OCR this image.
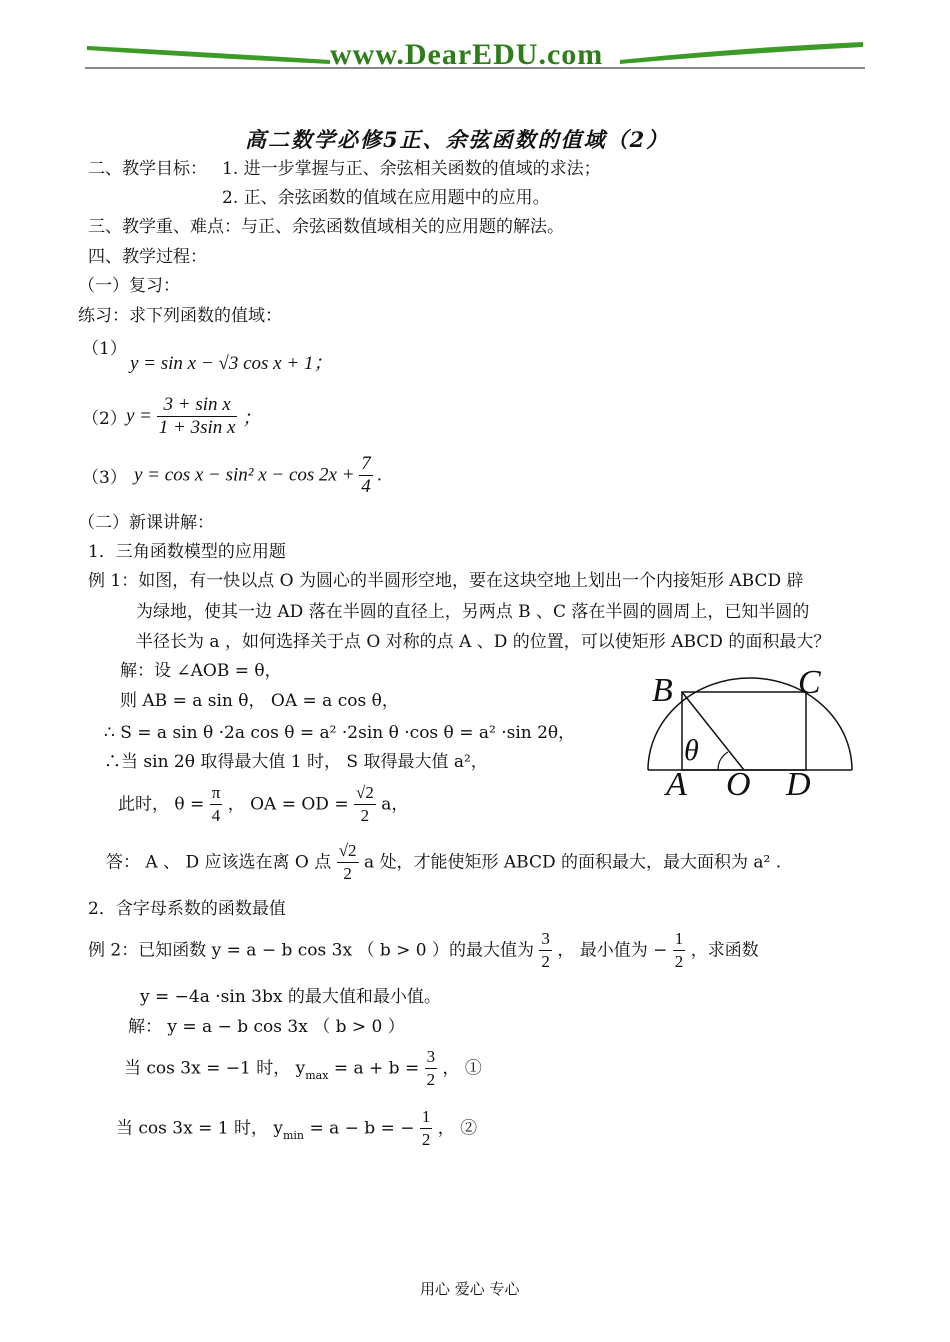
www.DearEDU.com
高二数学必修5正、余弦函数的值域（2）
二、教学目标： 1. 进一步掌握与正、余弦相关函数的值域的求法；
2. 正、余弦函数的值域在应用题中的应用。
三、教学重、难点：与正、余弦函数值域相关的应用题的解法。
四、教学过程：
（一）复习：
练习：求下列函数的值域：
（1）
y = sin x − √3 cos x + 1；
（2） $y = \frac{\text{3 + sin x}}{\text{1 + 3sin x}}$ ；
（3） y = cos x − sin² $x - \cos 2x + \frac{7}{4}$ .
（二）新课讲解：
1．三角函数模型的应用题
例 1：如图，有一快以点 O 为圆心的半圆形空地，要在这块空地上划出一个内接矩形 ABCD 辟
为绿地，使其一边 AD 落在半圆的直径上，另两点 B 、C 落在半圆的圆周上，已知半圆的
半径长为 a ，如何选择关于点 O 对称的点 A 、D 的位置，可以使矩形 ABCD 的面积最大？
解：设 ∠AOB = θ，
则 AB = a sin θ， OA = a cos θ，
∴ S = a sin θ ·2a cos θ = a² ·2sin θ ·cos θ = a² ·sin 2θ，
∴当 sin 2θ 取得最大值 1 时， S 取得最大值 a²，
此时， $\theta = \frac{\pi}{4}$ ， OA = OD = $\frac{√2}{2}$ a，
答： A 、 D 应该选在离 O 点 $\frac{√2}{2}$ a 处，才能使矩形 ABCD 的面积最大，最大面积为 a² .
B	C
θ
A O D
2．含字母系数的函数最值
例 2：已知函数 y = a − b cos 3x （ b > 0 ）的最大值为 $\frac{3}{2}$ ， 最小值为 − $\frac{1}{2}$ ，求函数
y = −4a ·sin 3bx 的最大值和最小值。
解： y = a − b cos 3x （ b > 0 ）
当 cos 3x = −1 时， $y_{max} = a + b = \frac{3}{2}$ ， ①
当 cos 3x = 1 时， $y_{min} = a - b$ = − $\frac{1}{2}$ ， ②
用心 爱心 专心
